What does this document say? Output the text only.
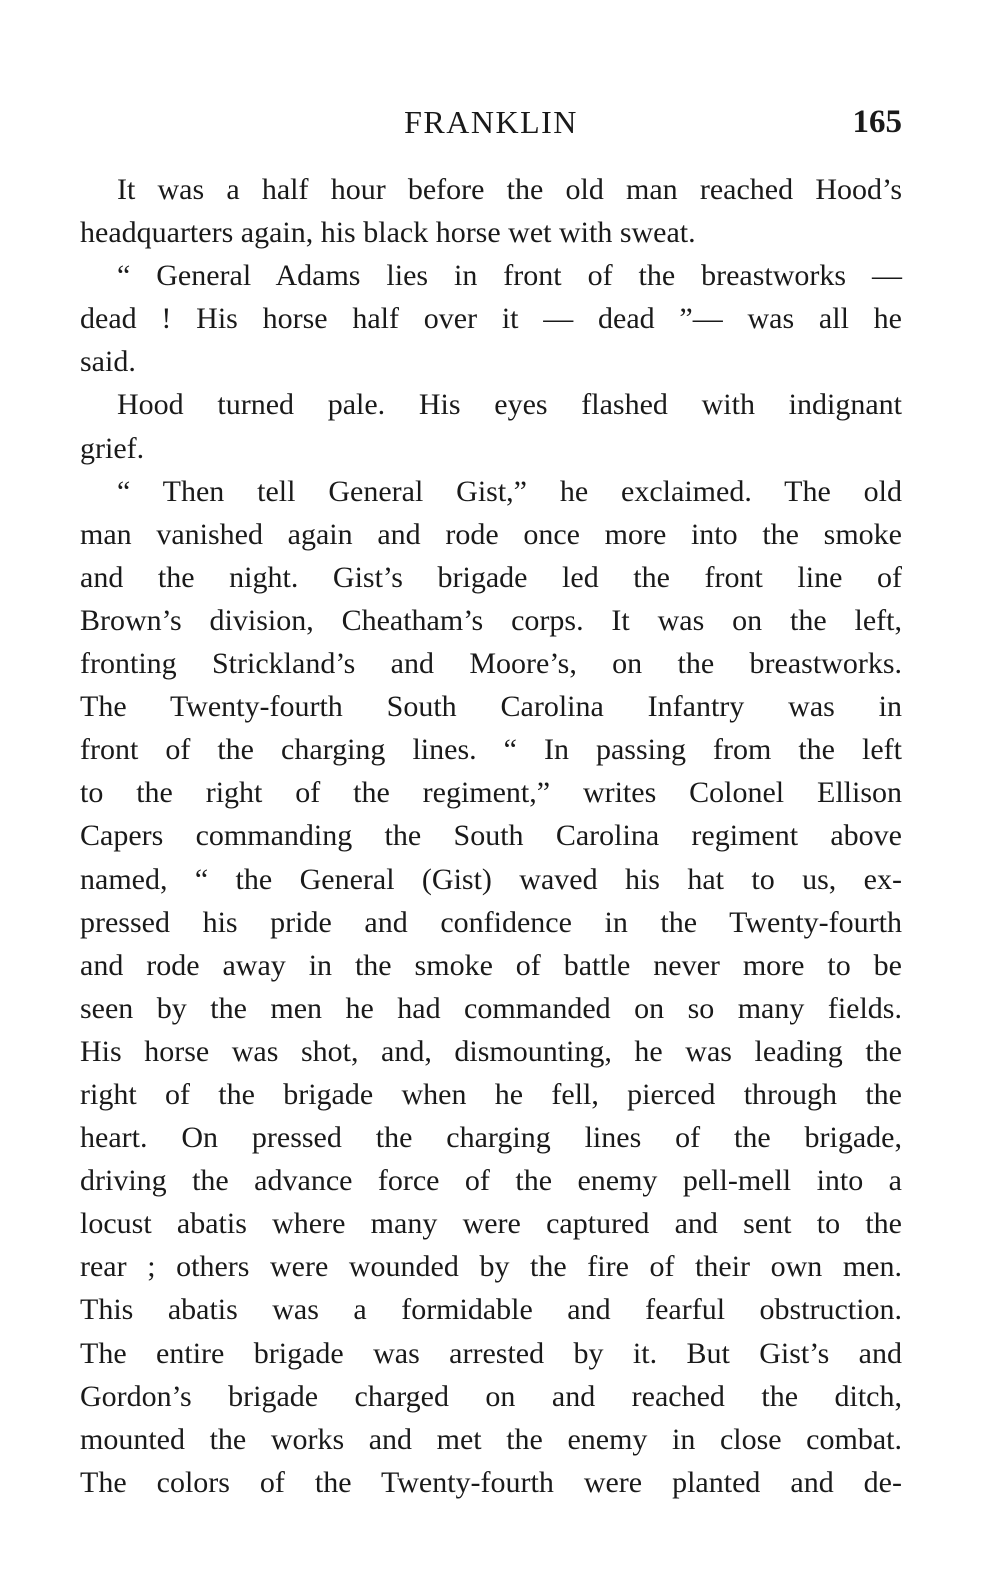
FRANKLIN	165
It was a half hour before the old man reached Hood’s
headquarters again, his black horse wet with sweat.
“ General Adams lies in front of the breastworks —
dead ! His horse half over it — dead ”— was all he
said.
Hood turned pale. His eyes flashed with indignant
grief.
“ Then tell General Gist,” he exclaimed. The old
man vanished again and rode once more into the smoke
and the night. Gist’s brigade led the front line of
Brown’s division, Cheatham’s corps. It was on the left,
fronting Strickland’s and Moore’s, on the breastworks.
The Twenty-fourth South Carolina Infantry was in
front of the charging lines. “ In passing from the left
to the right of the regiment,” writes Colonel Ellison
Capers commanding the South Carolina regiment above
named, “ the General (Gist) waved his hat to us, ex-
pressed his pride and confidence in the Twenty-fourth
and rode away in the smoke of battle never more to be
seen by the men he had commanded on so many fields.
His horse was shot, and, dismounting, he was leading the
right of the brigade when he fell, pierced through the
heart. On pressed the charging lines of the brigade,
driving the advance force of the enemy pell-mell into a
locust abatis where many were captured and sent to the
rear ; others were wounded by the fire of their own men.
This abatis was a formidable and fearful obstruction.
The entire brigade was arrested by it. But Gist’s and
Gordon’s brigade charged on and reached the ditch,
mounted the works and met the enemy in close combat.
The colors of the Twenty-fourth were planted and de-
